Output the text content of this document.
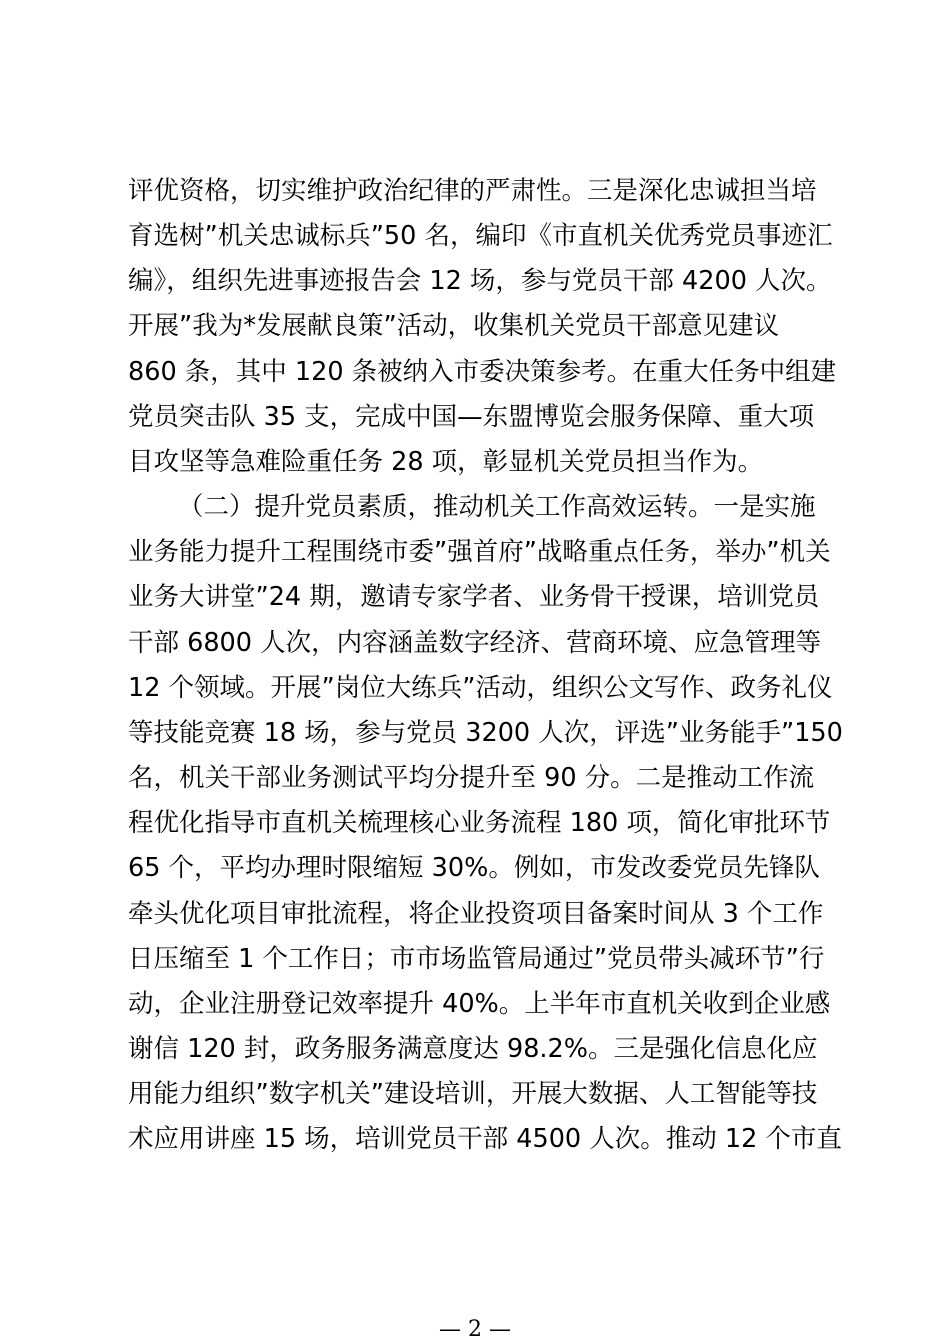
评优资格，切实维护政治纪律的严肃性。三是深化忠诚担当培
育选树”机关忠诚标兵”50 名，编印《市直机关优秀党员事迹汇
编》，组织先进事迹报告会 12 场，参与党员干部 4200 人次。
开展”我为*发展献良策”活动，收集机关党员干部意见建议
860 条，其中 120 条被纳入市委决策参考。在重大任务中组建
党员突击队 35 支，完成中国—东盟博览会服务保障、重大项
目攻坚等急难险重任务 28 项，彰显机关党员担当作为。
（二）提升党员素质，推动机关工作高效运转。一是实施
业务能力提升工程围绕市委”强首府”战略重点任务，举办”机关
业务大讲堂”24 期，邀请专家学者、业务骨干授课，培训党员
干部 6800 人次，内容涵盖数字经济、营商环境、应急管理等
12 个领域。开展”岗位大练兵”活动，组织公文写作、政务礼仪
等技能竞赛 18 场，参与党员 3200 人次，评选”业务能手”150
名，机关干部业务测试平均分提升至 90 分。二是推动工作流
程优化指导市直机关梳理核心业务流程 180 项，简化审批环节
65 个，平均办理时限缩短 30%。例如，市发改委党员先锋队
牵头优化项目审批流程，将企业投资项目备案时间从 3 个工作
日压缩至 1 个工作日；市市场监管局通过”党员带头减环节”行
动，企业注册登记效率提升 40%。上半年市直机关收到企业感
谢信 120 封，政务服务满意度达 98.2%。三是强化信息化应
用能力组织”数字机关”建设培训，开展大数据、人工智能等技
术应用讲座 15 场，培训党员干部 4500 人次。推动 12 个市直
— 2 —
